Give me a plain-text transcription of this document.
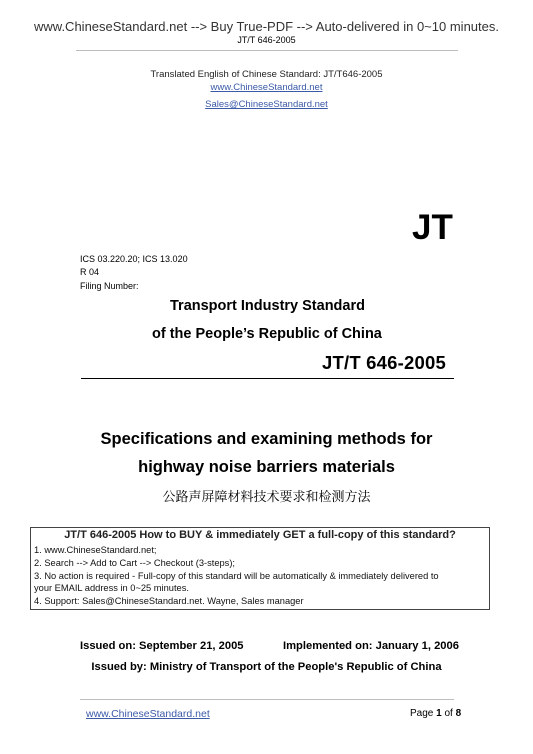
www.ChineseStandard.net --> Buy True-PDF --> Auto-delivered in 0~10 minutes.
JT/T 646-2005
Translated English of Chinese Standard: JT/T646-2005
www.ChineseStandard.net
Sales@ChineseStandard.net
JT
ICS 03.220.20; ICS 13.020
R 04
Filing Number:
Transport Industry Standard
of the People’s Republic of China
JT/T 646-2005
Specifications and examining methods for
highway noise barriers materials
公路声屏障材料技术要求和检测方法
JT/T 646-2005 How to BUY & immediately GET a full-copy of this standard?
1. www.ChineseStandard.net;
2. Search --> Add to Cart --> Checkout (3-steps);
3. No action is required - Full-copy of this standard will be automatically & immediately delivered to
your EMAIL address in 0~25 minutes.
4. Support: Sales@ChineseStandard.net. Wayne, Sales manager
Issued on: September 21, 2005	Implemented on: January 1, 2006
Issued by: Ministry of Transport of the People's Republic of China
www.ChineseStandard.net	Page 1 of 8
